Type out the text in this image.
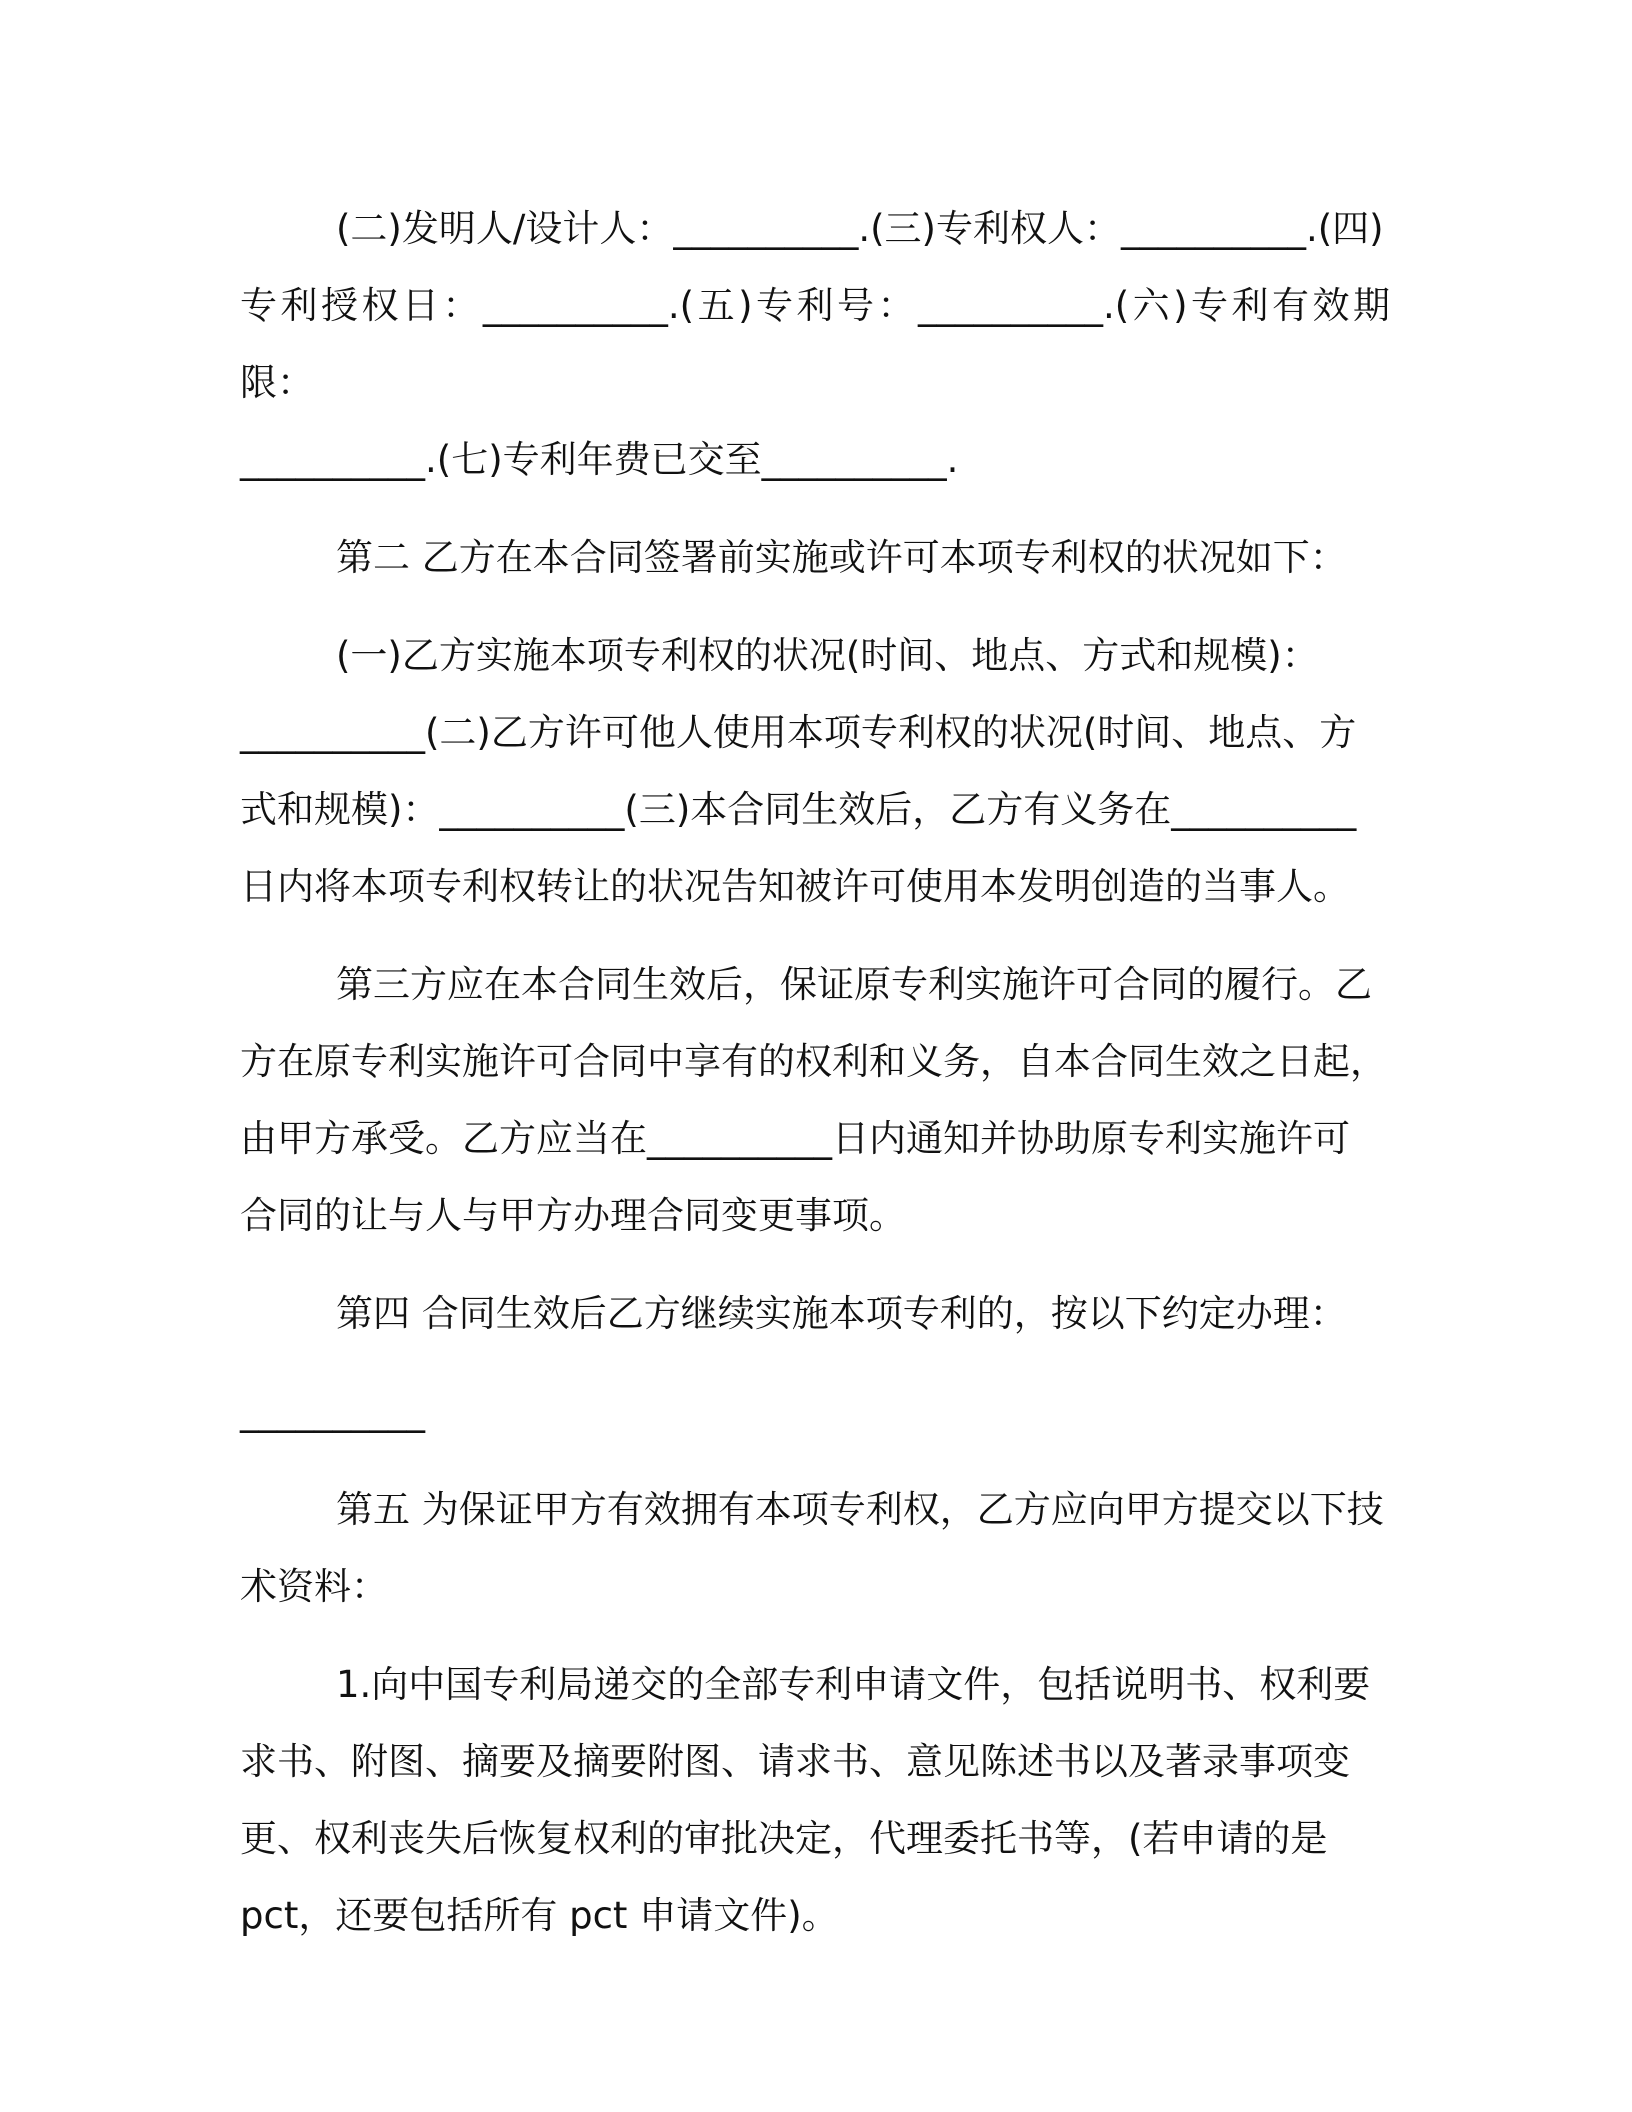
(二)发明人/设计人：__________.(三)专利权人：__________.(四)
专利授权日：__________.(五)专利号：__________.(六)专利有效期限：
__________.(七)专利年费已交至__________.

第二 乙方在本合同签署前实施或许可本项专利权的状况如下：

(一)乙方实施本项专利权的状况(时间、地点、方式和规模)：
__________(二)乙方许可他人使用本项专利权的状况(时间、地点、方
式和规模)：__________(三)本合同生效后，乙方有义务在__________
日内将本项专利权转让的状况告知被许可使用本发明创造的当事人。

第三方应在本合同生效后，保证原专利实施许可合同的履行。乙
方在原专利实施许可合同中享有的权利和义务，自本合同生效之日起，
由甲方承受。乙方应当在__________日内通知并协助原专利实施许可
合同的让与人与甲方办理合同变更事项。

第四 合同生效后乙方继续实施本项专利的，按以下约定办理：

__________

第五 为保证甲方有效拥有本项专利权，乙方应向甲方提交以下技
术资料：

1.向中国专利局递交的全部专利申请文件，包括说明书、权利要
求书、附图、摘要及摘要附图、请求书、意见陈述书以及著录事项变
更、权利丧失后恢复权利的审批决定，代理委托书等，(若申请的是
pct，还要包括所有 pct 申请文件)。
